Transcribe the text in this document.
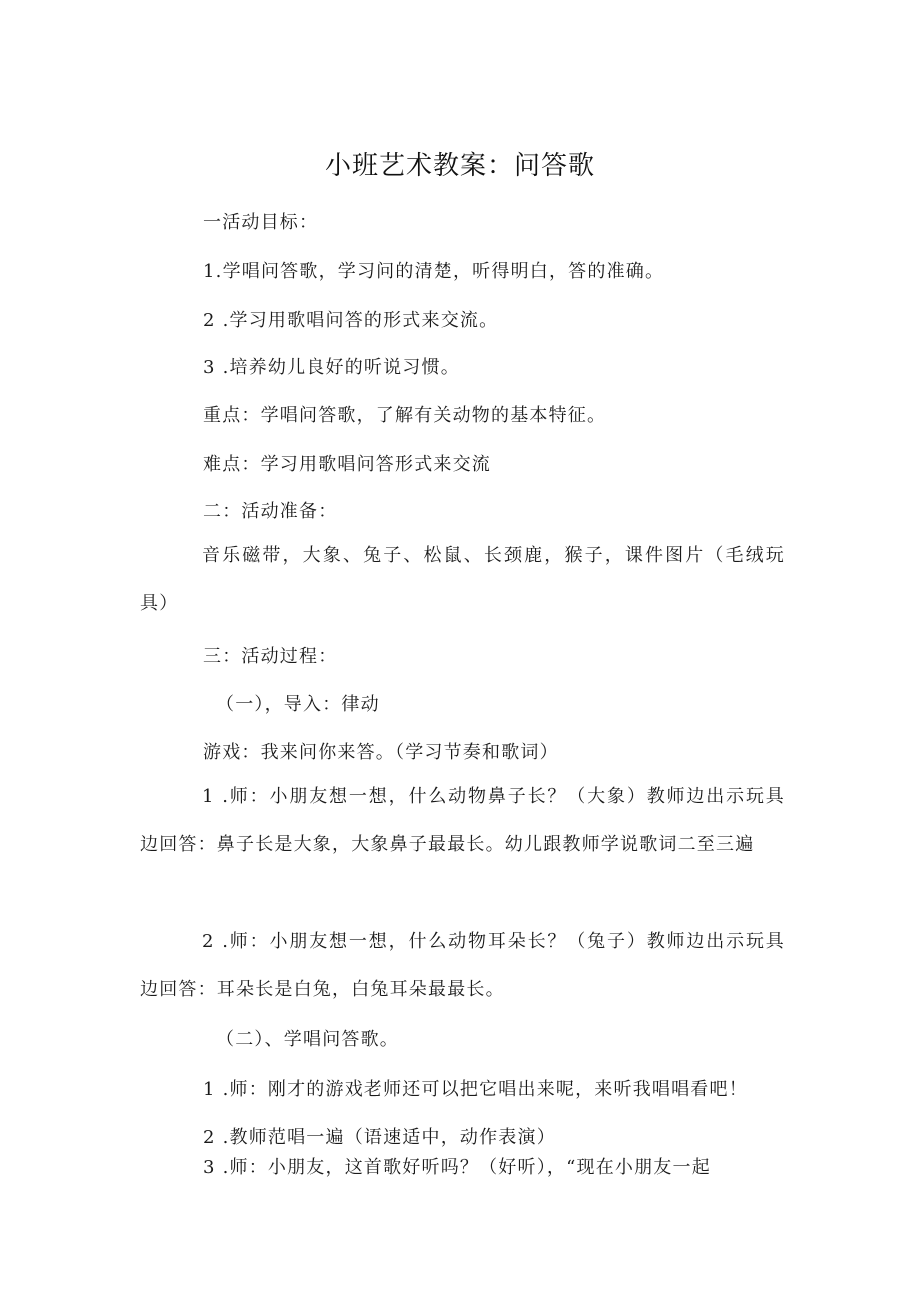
小班艺术教案：问答歌
一活动目标：
1.学唱问答歌，学习问的清楚，听得明白，答的准确。
2 .学习用歌唱问答的形式来交流。
3 .培养幼儿良好的听说习惯。
重点：学唱问答歌，了解有关动物的基本特征。
难点：学习用歌唱问答形式来交流
二：活动准备：
音乐磁带，大象、兔子、松鼠、长颈鹿，猴子，课件图片（毛绒玩具）
三：活动过程：
（一），导入：律动
游戏：我来问你来答。（学习节奏和歌词）
1 .师：小朋友想一想，什么动物鼻子长？（大象）教师边出示玩具边回答：鼻子长是大象，大象鼻子最最长。幼儿跟教师学说歌词二至三遍
2 .师：小朋友想一想，什么动物耳朵长？（兔子）教师边出示玩具边回答：耳朵长是白兔，白兔耳朵最最长。
（二）、学唱问答歌。
1 .师：刚才的游戏老师还可以把它唱出来呢，来听我唱唱看吧！
2 .教师范唱一遍（语速适中，动作表演）
3 .师：小朋友，这首歌好听吗？（好听），“现在小朋友一起
